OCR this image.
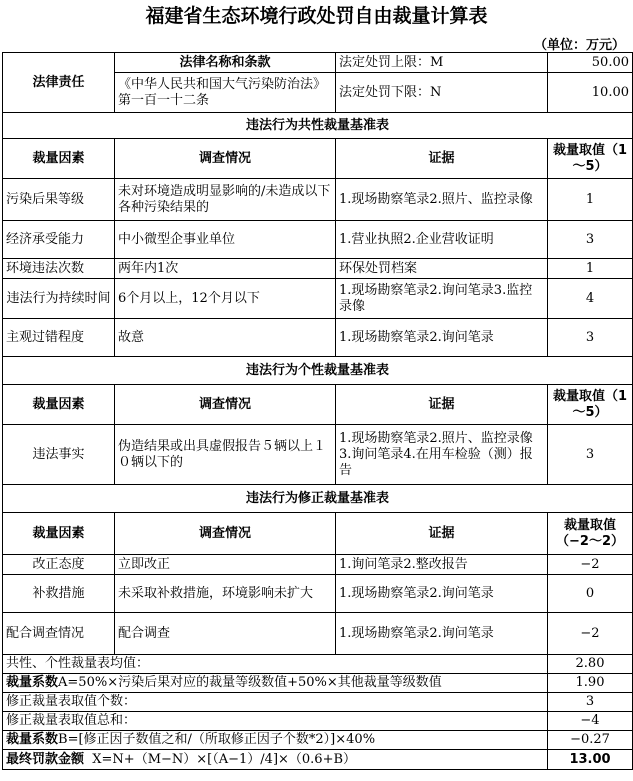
福建省生态环境行政处罚自由裁量计算表
（单位：万元）
法律责任	法律名称和条款	法定处罚上限：M	50.00
	《中华人民共和国大气污染防治法》第一百一十二条	法定处罚下限：N	10.00

违法行为共性裁量基准表			
裁量因素	调查情况	证据	裁量取值（1～5）
污染后果等级	未对环境造成明显影响的/未造成以下各种污染结果的	1.现场勘察笔录2.照片、监控录像	1
经济承受能力	中小微型企事业单位	1.营业执照2.企业营收证明	3
环境违法次数	两年内1次	环保处罚档案	1
违法行为持续时间	6个月以上，12个月以下	1.现场勘察笔录2.询问笔录3.监控录像	4
主观过错程度	故意	1.现场勘察笔录2.询问笔录	3
违法行为个性裁量基准表			
裁量因素	调查情况	证据	裁量取值（1～5）
违法事实	伪造结果或出具虚假报告５辆以上１０辆以下的	1.现场勘察笔录2.照片、监控录像3.询问笔录4.在用车检验（测）报告	3
违法行为修正裁量基准表			
裁量因素	调查情况	证据	裁量取值（−2～2）
改正态度	立即改正	1.询问笔录2.整改报告	−2
补救措施	未采取补救措施，环境影响未扩大	1.现场勘察笔录2.询问笔录	0
配合调查情况	配合调查	1.现场勘察笔录2.询问笔录	−2
共性、个性裁量表均值：			2.80
裁量系数A=50%×污染后果对应的裁量等级数值+50%×其他裁量等级数值			1.90
修正裁量表取值个数：			3
修正裁量表取值总和：			−4
裁量系数B=[修正因子数值之和/（所取修正因子个数*2）]×40%			−0.27
最终罚款金额 X=N+（M−N）×[（A−1）/4]×（0.6+B）			13.00
